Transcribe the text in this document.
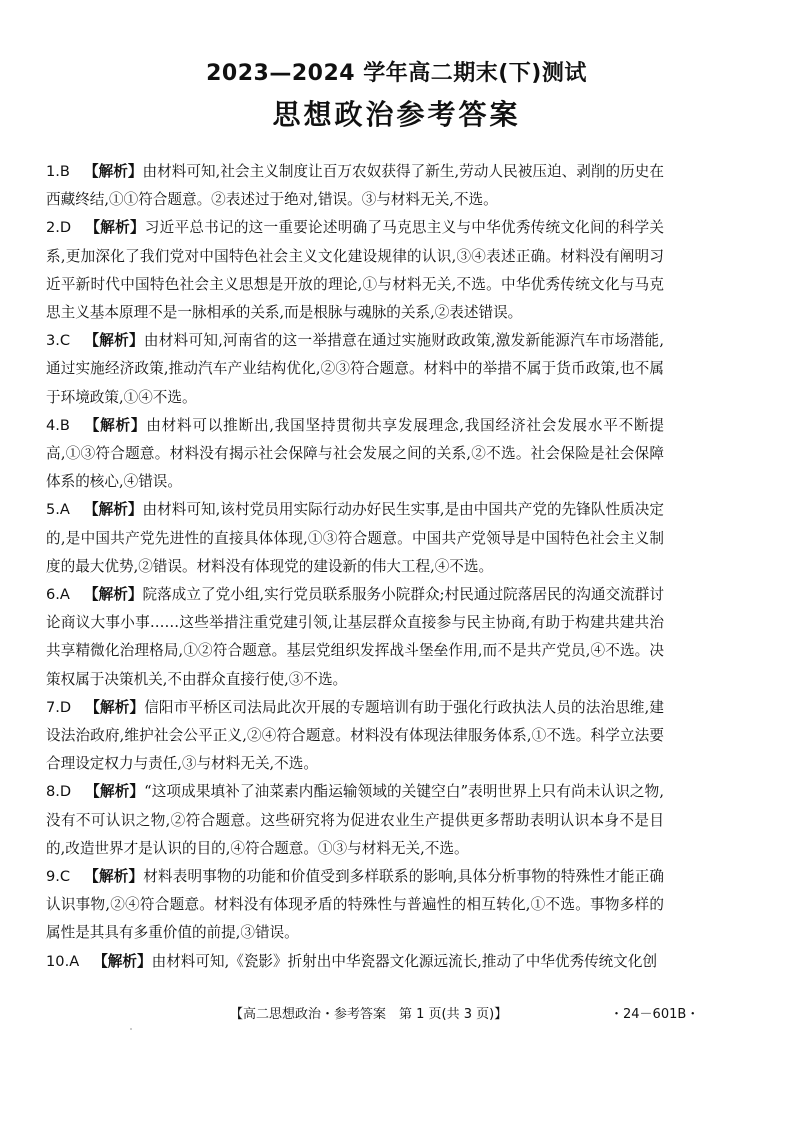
2023—2024 学年高二期末(下)测试
思想政治参考答案

1.B 【解析】由材料可知,社会主义制度让百万农奴获得了新生,劳动人民被压迫、剥削的历史在西藏终结,①①符合题意。②表述过于绝对,错误。③与材料无关,不选。

2.D 【解析】习近平总书记的这一重要论述明确了马克思主义与中华优秀传统文化间的科学关系,更加深化了我们党对中国特色社会主义文化建设规律的认识,③④表述正确。材料没有阐明习近平新时代中国特色社会主义思想是开放的理论,①与材料无关,不选。中华优秀传统文化与马克思主义基本原理不是一脉相承的关系,而是根脉与魂脉的关系,②表述错误。

3.C 【解析】由材料可知,河南省的这一举措意在通过实施财政政策,激发新能源汽车市场潜能,通过实施经济政策,推动汽车产业结构优化,②③符合题意。材料中的举措不属于货币政策,也不属于环境政策,①④不选。

4.B 【解析】由材料可以推断出,我国坚持贯彻共享发展理念,我国经济社会发展水平不断提高,①③符合题意。材料没有揭示社会保障与社会发展之间的关系,②不选。社会保险是社会保障体系的核心,④错误。

5.A 【解析】由材料可知,该村党员用实际行动办好民生实事,是由中国共产党的先锋队性质决定的,是中国共产党先进性的直接具体体现,①③符合题意。中国共产党领导是中国特色社会主义制度的最大优势,②错误。材料没有体现党的建设新的伟大工程,④不选。

6.A 【解析】院落成立了党小组,实行党员联系服务小院群众;村民通过院落居民的沟通交流群讨论商议大事小事……这些举措注重党建引领,让基层群众直接参与民主协商,有助于构建共建共治共享精微化治理格局,①②符合题意。基层党组织发挥战斗堡垒作用,而不是共产党员,④不选。决策权属于决策机关,不由群众直接行使,③不选。

7.D 【解析】信阳市平桥区司法局此次开展的专题培训有助于强化行政执法人员的法治思维,建设法治政府,维护社会公平正义,②④符合题意。材料没有体现法律服务体系,①不选。科学立法要合理设定权力与责任,③与材料无关,不选。

8.D 【解析】“这项成果填补了油菜素内酯运输领域的关键空白”表明世界上只有尚未认识之物,没有不可认识之物,②符合题意。这些研究将为促进农业生产提供更多帮助表明认识本身不是目的,改造世界才是认识的目的,④符合题意。①③与材料无关,不选。

9.C 【解析】材料表明事物的功能和价值受到多样联系的影响,具体分析事物的特殊性才能正确认识事物,②④符合题意。材料没有体现矛盾的特殊性与普遍性的相互转化,①不选。事物多样的属性是其具有多重价值的前提,③错误。

10.A 【解析】由材料可知,《瓷影》折射出中华瓷器文化源远流长,推动了中华优秀传统文化创

【高二思想政治・参考答案　第 1 页(共 3 页)】	・24－601B・
